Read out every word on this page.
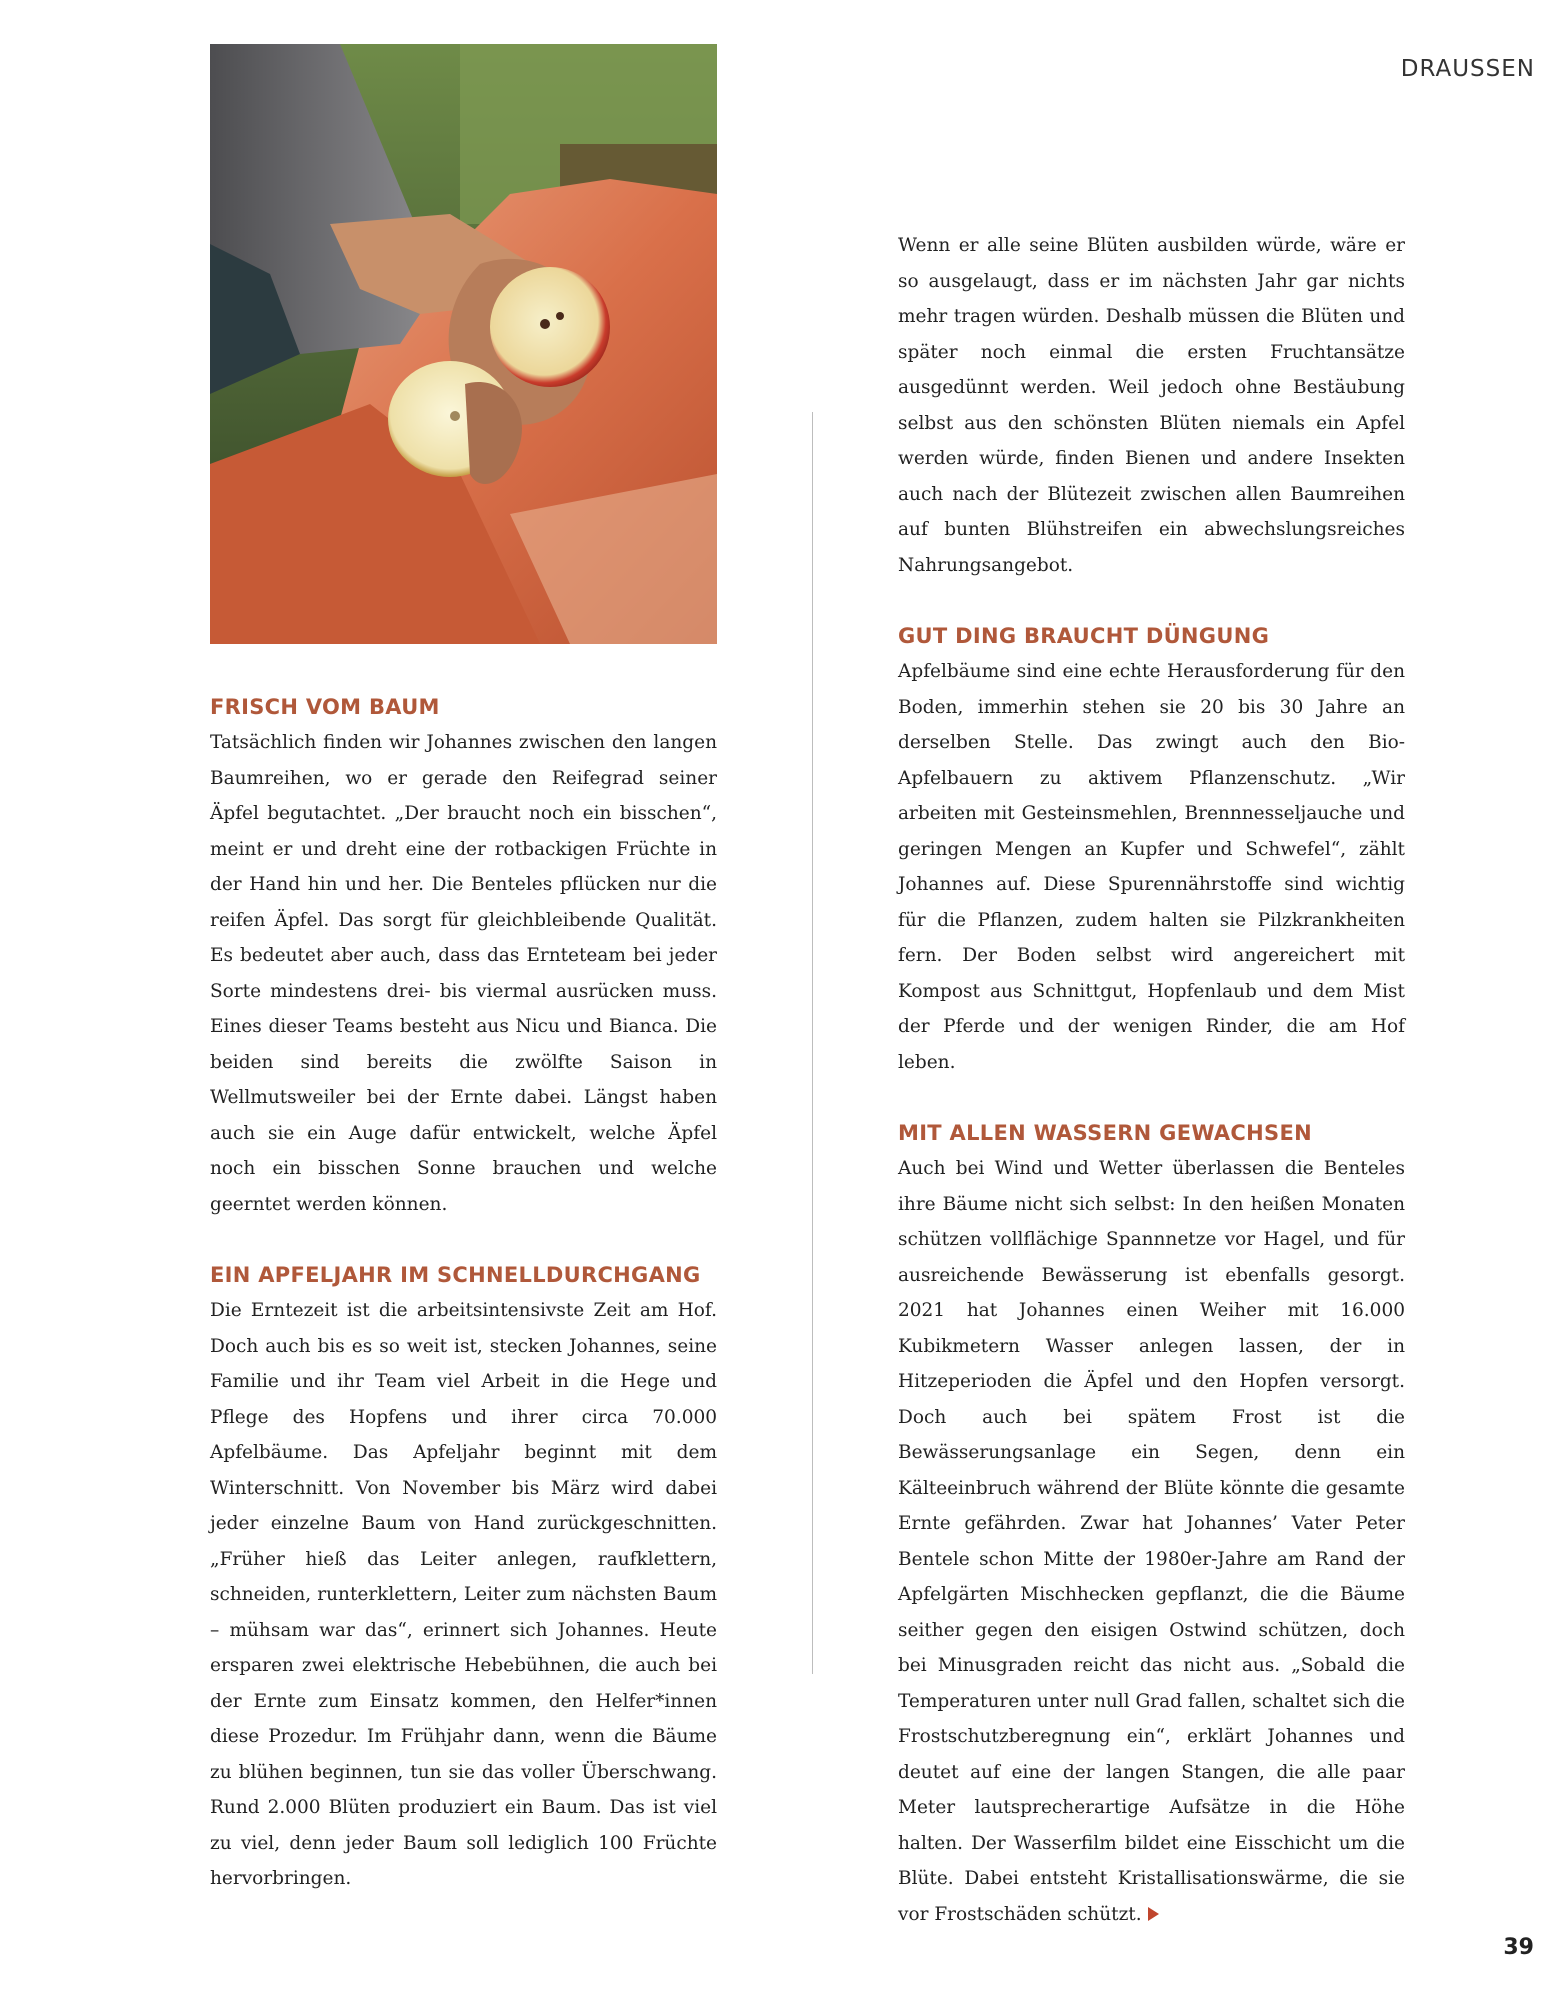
DRAUSSEN
FRISCH VOM BAUM

Tatsächlich finden wir Johannes zwischen den langen Baumreihen, wo er gerade den Reifegrad seiner Äpfel begutachtet. „Der braucht noch ein bisschen“, meint er und dreht eine der rotbackigen Früchte in der Hand hin und her. Die Benteles pflücken nur die reifen Äpfel. Das sorgt für gleichbleibende Qualität. Es bedeutet aber auch, dass das Ernteteam bei jeder Sorte mindestens drei- bis viermal ausrücken muss. Eines dieser Teams besteht aus Nicu und Bianca. Die beiden sind bereits die zwölfte Saison in Wellmutsweiler bei der Ernte dabei. Längst haben auch sie ein Auge dafür entwickelt, welche Äpfel noch ein bisschen Sonne brauchen und welche geerntet werden können.

EIN APFELJAHR IM SCHNELLDURCHGANG

Die Erntezeit ist die arbeitsintensivste Zeit am Hof. Doch auch bis es so weit ist, stecken Johannes, seine Familie und ihr Team viel Arbeit in die Hege und Pflege des Hopfens und ihrer circa 70.000 Apfelbäume. Das Apfeljahr beginnt mit dem Winterschnitt. Von November bis März wird dabei jeder einzelne Baum von Hand zurückgeschnitten. „Früher hieß das Leiter anlegen, raufklettern, schneiden, runterklettern, Leiter zum nächsten Baum – mühsam war das“, erinnert sich Johannes. Heute ersparen zwei elektrische Hebebühnen, die auch bei der Ernte zum Einsatz kommen, den Helfer*innen diese Prozedur. Im Frühjahr dann, wenn die Bäume zu blühen beginnen, tun sie das voller Überschwang. Rund 2.000 Blüten produziert ein Baum. Das ist viel zu viel, denn jeder Baum soll lediglich 100 Früchte hervorbringen.

Wenn er alle seine Blüten ausbilden würde, wäre er so ausgelaugt, dass er im nächsten Jahr gar nichts mehr tragen würden. Deshalb müssen die Blüten und später noch einmal die ersten Fruchtansätze ausgedünnt werden. Weil jedoch ohne Bestäubung selbst aus den schönsten Blüten niemals ein Apfel werden würde, finden Bienen und andere Insekten auch nach der Blütezeit zwischen allen Baumreihen auf bunten Blühstreifen ein abwechslungsreiches Nahrungsangebot.

GUT DING BRAUCHT DÜNGUNG

Apfelbäume sind eine echte Herausforderung für den Boden, immerhin stehen sie 20 bis 30 Jahre an derselben Stelle. Das zwingt auch den Bio-Apfelbauern zu aktivem Pflanzenschutz. „Wir arbeiten mit Gesteinsmehlen, Brennnesseljauche und geringen Mengen an Kupfer und Schwefel“, zählt Johannes auf. Diese Spurennährstoffe sind wichtig für die Pflanzen, zudem halten sie Pilzkrankheiten fern. Der Boden selbst wird angereichert mit Kompost aus Schnittgut, Hopfenlaub und dem Mist der Pferde und der wenigen Rinder, die am Hof leben.

MIT ALLEN WASSERN GEWACHSEN

Auch bei Wind und Wetter überlassen die Benteles ihre Bäume nicht sich selbst: In den heißen Monaten schützen vollflächige Spannnetze vor Hagel, und für ausreichende Bewässerung ist ebenfalls gesorgt. 2021 hat Johannes einen Weiher mit 16.000 Kubikmetern Wasser anlegen lassen, der in Hitzeperioden die Äpfel und den Hopfen versorgt. Doch auch bei spätem Frost ist die Bewässerungsanlage ein Segen, denn ein Kälteeinbruch während der Blüte könnte die gesamte Ernte gefährden. Zwar hat Johannes’ Vater Peter Bentele schon Mitte der 1980er-Jahre am Rand der Apfelgärten Mischhecken gepflanzt, die die Bäume seither gegen den eisigen Ostwind schützen, doch bei Minusgraden reicht das nicht aus. „Sobald die Temperaturen unter null Grad fallen, schaltet sich die Frostschutzberegnung ein“, erklärt Johannes und deutet auf eine der langen Stangen, die alle paar Meter lautsprecherartige Aufsätze in die Höhe halten. Der Wasserfilm bildet eine Eisschicht um die Blüte. Dabei entsteht Kristallisationswärme, die sie vor Frostschäden schützt.

39
